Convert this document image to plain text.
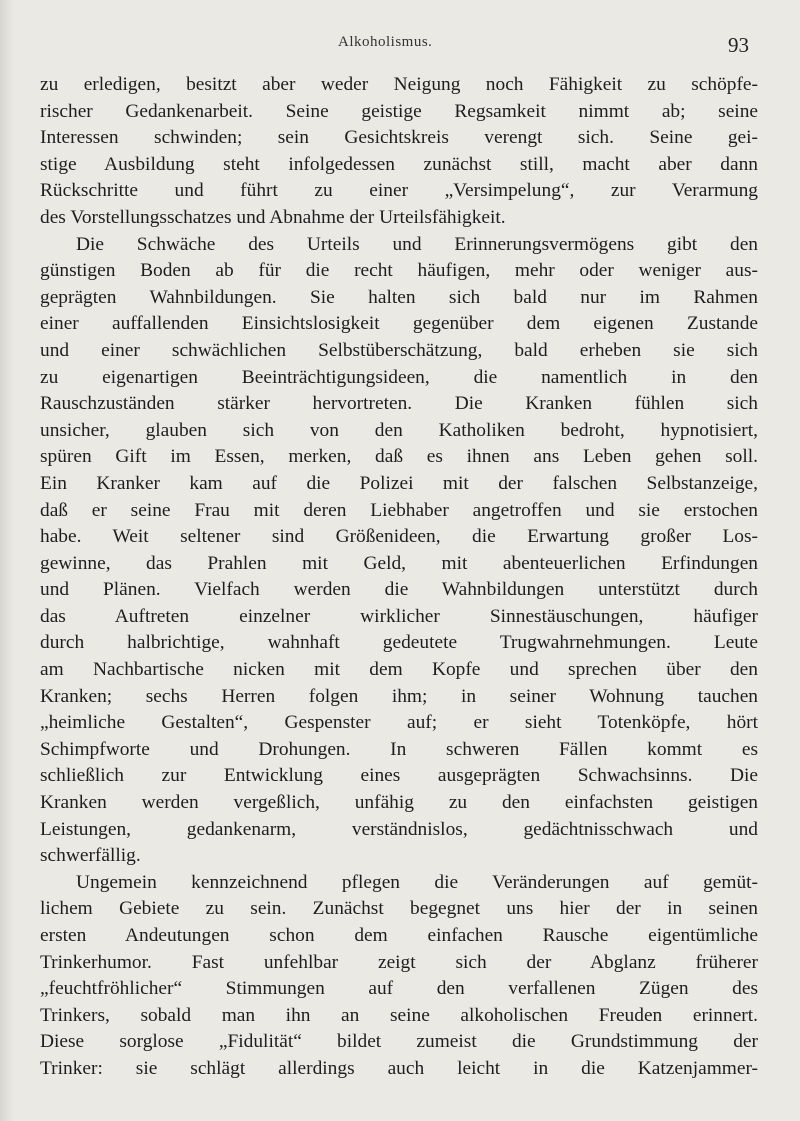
Alkoholismus.	93
zu erledigen, besitzt aber weder Neigung noch Fähigkeit zu schöpfe-
rischer Gedankenarbeit. Seine geistige Regsamkeit nimmt ab; seine
Interessen schwinden; sein Gesichtskreis verengt sich. Seine gei-
stige Ausbildung steht infolgedessen zunächst still, macht aber dann
Rückschritte und führt zu einer „Versimpelung“, zur Verarmung
des Vorstellungsschatzes und Abnahme der Urteilsfähigkeit.
Die Schwäche des Urteils und Erinnerungsvermögens gibt den
günstigen Boden ab für die recht häufigen, mehr oder weniger aus-
geprägten Wahnbildungen. Sie halten sich bald nur im Rahmen
einer auffallenden Einsichtslosigkeit gegenüber dem eigenen Zustande
und einer schwächlichen Selbstüberschätzung, bald erheben sie sich
zu eigenartigen Beeinträchtigungsideen, die namentlich in den
Rauschzuständen stärker hervortreten. Die Kranken fühlen sich
unsicher, glauben sich von den Katholiken bedroht, hypnotisiert,
spüren Gift im Essen, merken, daß es ihnen ans Leben gehen soll.
Ein Kranker kam auf die Polizei mit der falschen Selbstanzeige,
daß er seine Frau mit deren Liebhaber angetroffen und sie erstochen
habe. Weit seltener sind Größenideen, die Erwartung großer Los-
gewinne, das Prahlen mit Geld, mit abenteuerlichen Erfindungen
und Plänen. Vielfach werden die Wahnbildungen unterstützt durch
das Auftreten einzelner wirklicher Sinnestäuschungen, häufiger
durch halbrichtige, wahnhaft gedeutete Trugwahrnehmungen. Leute
am Nachbartische nicken mit dem Kopfe und sprechen über den
Kranken; sechs Herren folgen ihm; in seiner Wohnung tauchen
„heimliche Gestalten“, Gespenster auf; er sieht Totenköpfe, hört
Schimpfworte und Drohungen. In schweren Fällen kommt es
schließlich zur Entwicklung eines ausgeprägten Schwachsinns. Die
Kranken werden vergeßlich, unfähig zu den einfachsten geistigen
Leistungen, gedankenarm, verständnislos, gedächtnisschwach und
schwerfällig.
Ungemein kennzeichnend pflegen die Veränderungen auf gemüt-
lichem Gebiete zu sein. Zunächst begegnet uns hier der in seinen
ersten Andeutungen schon dem einfachen Rausche eigentümliche
Trinkerhumor. Fast unfehlbar zeigt sich der Abglanz früherer
„feuchtfröhlicher“ Stimmungen auf den verfallenen Zügen des
Trinkers, sobald man ihn an seine alkoholischen Freuden erinnert.
Diese sorglose „Fidulität“ bildet zumeist die Grundstimmung der
Trinker: sie schlägt allerdings auch leicht in die Katzenjammer-
